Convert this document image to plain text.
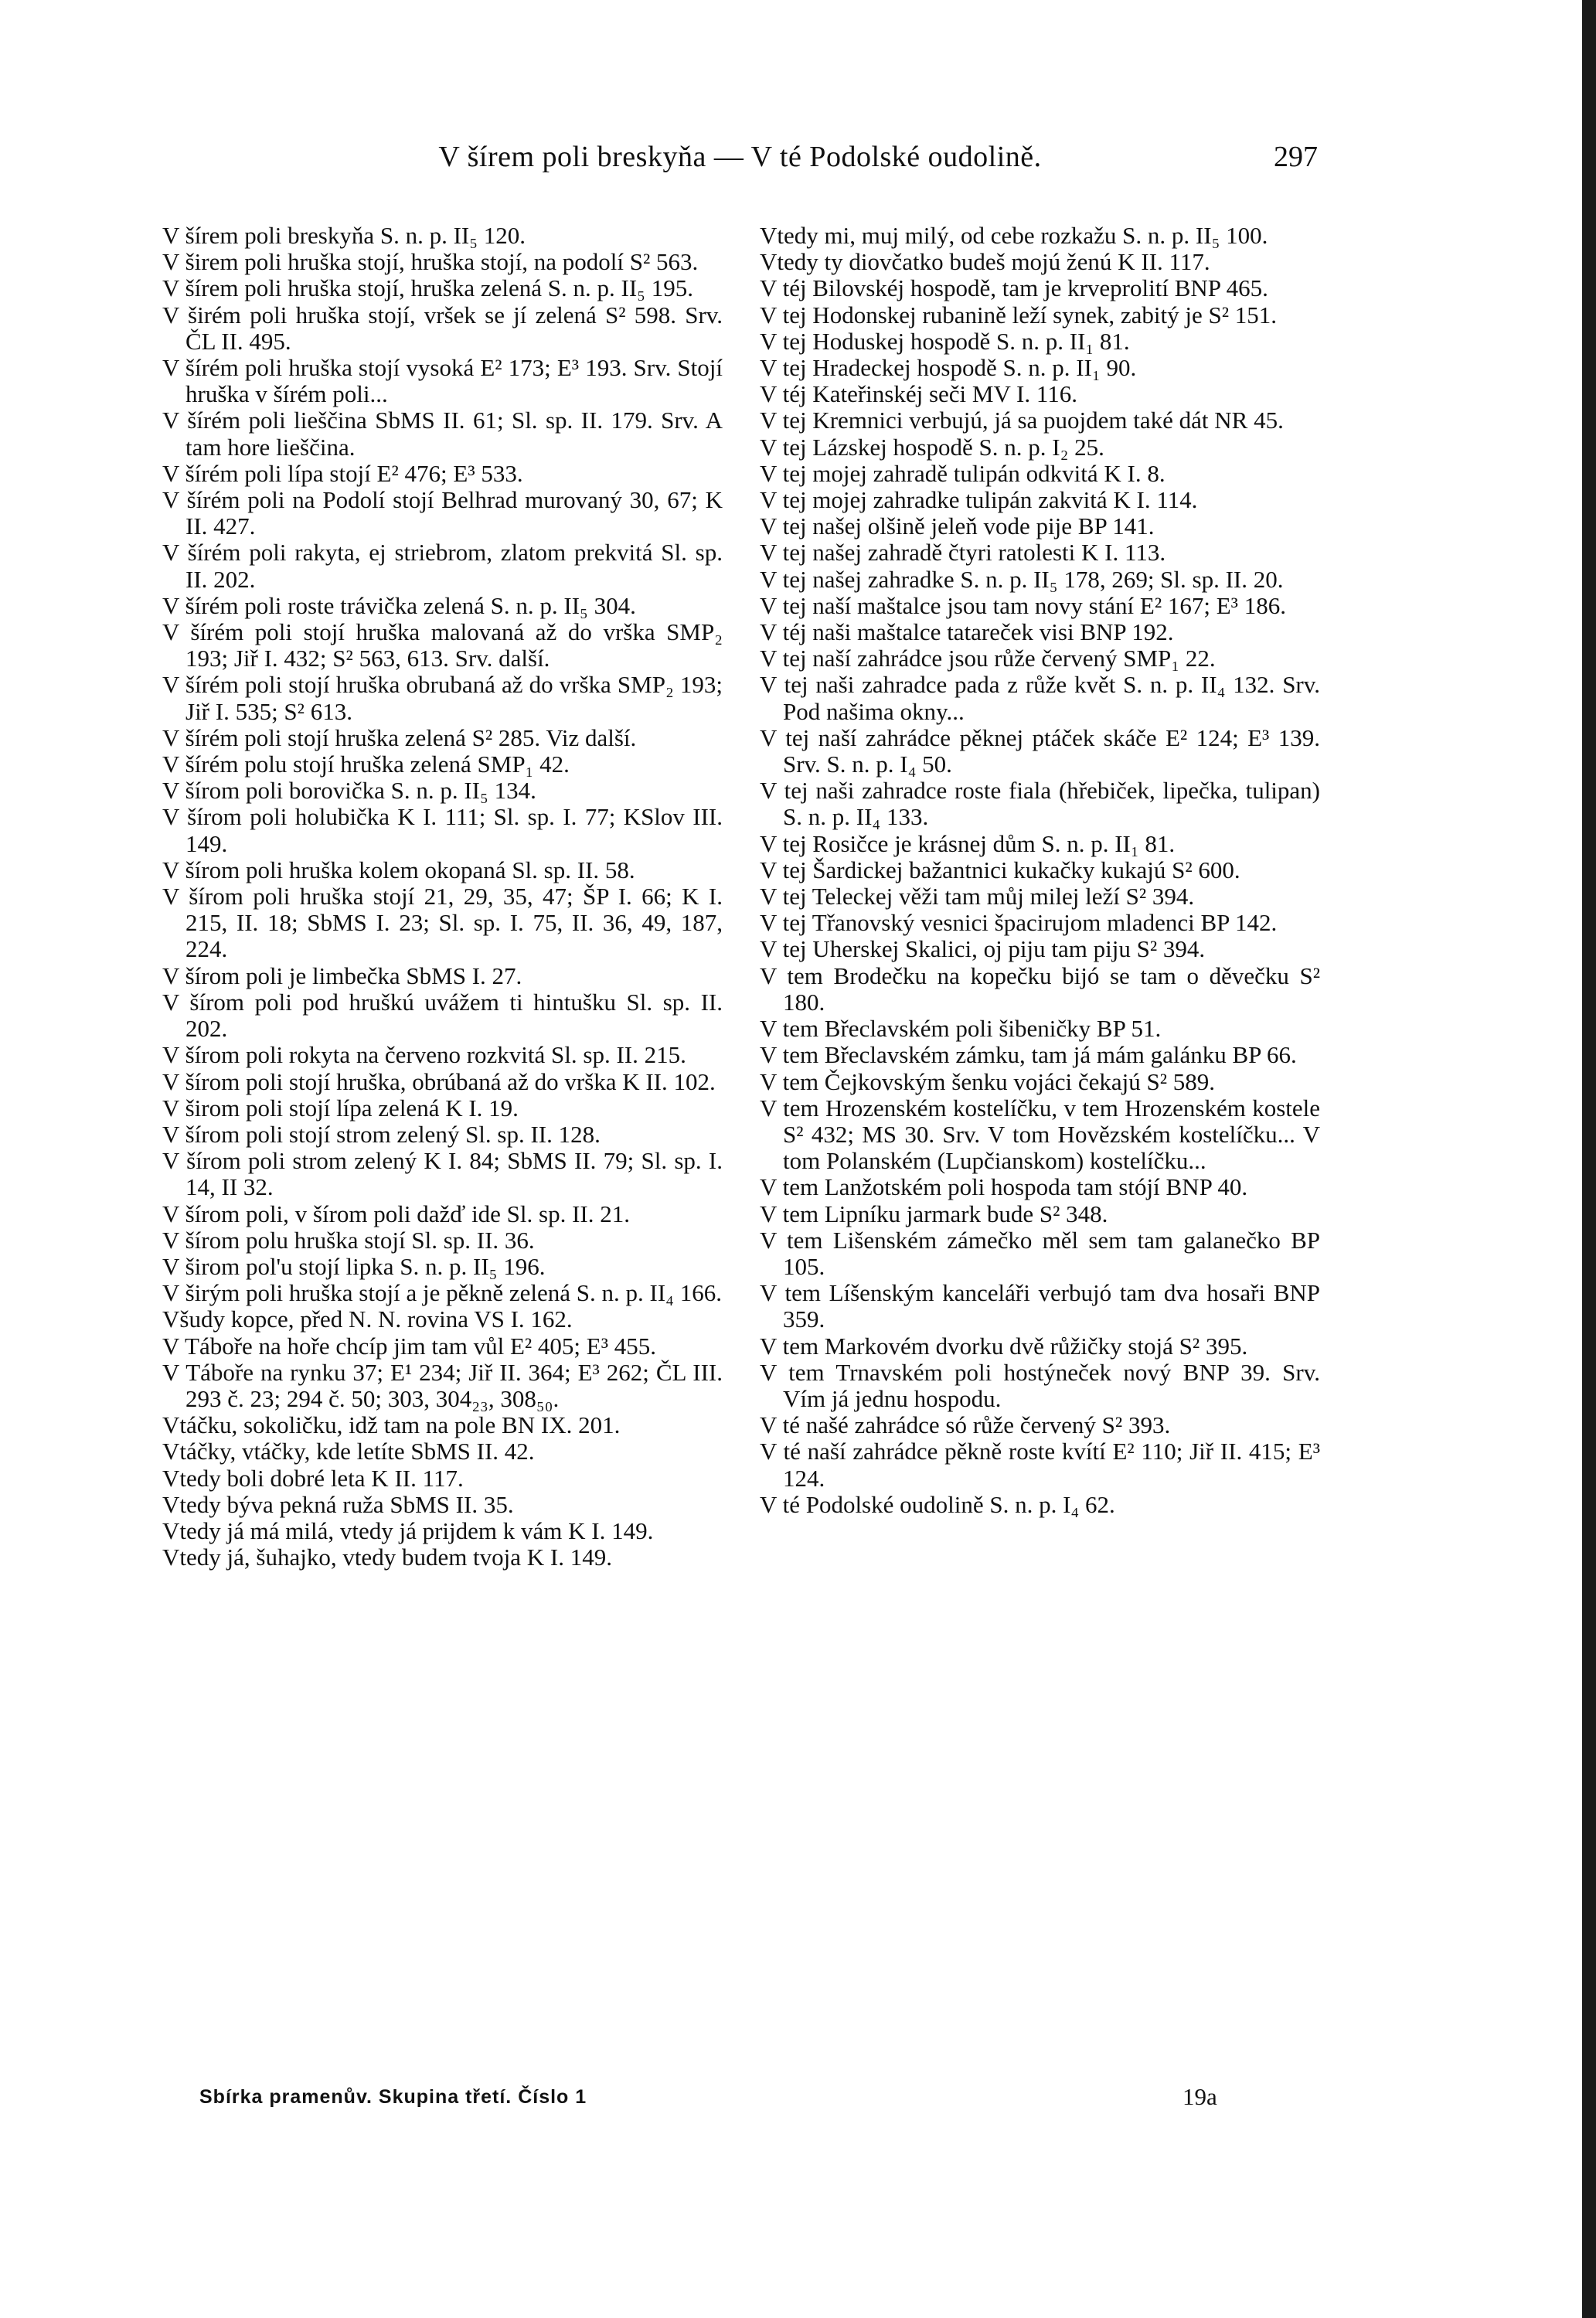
V šírem poli breskyňa — V té Podolské oudolině.	297
V šírem poli breskyňa S. n. p. II₅ 120.
V širem poli hruška stojí, hruška stojí, na podolí S² 563.
V šírem poli hruška stojí, hruška zelená S. n. p. II₅ 195.
V širém poli hruška stojí, vršek se jí zelená S² 598. Srv. ČL II. 495.
V šírém poli hruška stojí vysoká E² 173; E³ 193. Srv. Stojí hruška v šírém poli...
V šírém poli lieščina SbMS II. 61; Sl. sp. II. 179. Srv. A tam hore lieščina.
V šírém poli lípa stojí E² 476; E³ 533.
V šírém poli na Podolí stojí Belhrad murovaný 30, 67; K II. 427.
V šírém poli rakyta, ej striebrom, zlatom prekvitá Sl. sp. II. 202.
V šírém poli roste trávička zelená S. n. p. II₅ 304.
V šírém poli stojí hruška malovaná až do vrška SMP₂ 193; Jiř I. 432; S² 563, 613. Srv. další.
V šírém poli stojí hruška obrubaná až do vrška SMP₂ 193; Jiř I. 535; S² 613.
V šírém poli stojí hruška zelená S² 285. Viz další.
V šírém polu stojí hruška zelená SMP₁ 42.
V šírom poli borovička S. n. p. II₅ 134.
V šírom poli holubička K I. 111; Sl. sp. I. 77; KSlov III. 149.
V šírom poli hruška kolem okopaná Sl. sp. II. 58.
V šírom poli hruška stojí 21, 29, 35, 47; ŠP I. 66; K I. 215, II. 18; SbMS I. 23; Sl. sp. I. 75, II. 36, 49, 187, 224.
V šírom poli je limbečka SbMS I. 27.
V šírom poli pod hruškú uvážem ti hintušku Sl. sp. II. 202.
V šírom poli rokyta na červeno rozkvitá Sl. sp. II. 215.
V šírom poli stojí hruška, obrúbaná až do vrška K II. 102.
V širom poli stojí lípa zelená K I. 19.
V šírom poli stojí strom zelený Sl. sp. II. 128.
V šírom poli strom zelený K I. 84; SbMS II. 79; Sl. sp. I. 14, II 32.
V šírom poli, v šírom poli dažď ide Sl. sp. II. 21.
V šírom polu hruška stojí Sl. sp. II. 36.
V širom pol'u stojí lipka S. n. p. II₅ 196.
V širým poli hruška stojí a je pěkně zelená S. n. p. II₄ 166.
Všudy kopce, před N. N. rovina VS I. 162.
V Táboře na hoře chcíp jim tam vůl E² 405; E³ 455.
V Táboře na rynku 37; E¹ 234; Jiř II. 364; E³ 262; ČL III. 293 č. 23; 294 č. 50; 303, 304₂₃, 308₅₀.
Vtáčku, sokoličku, idž tam na pole BN IX. 201.
Vtáčky, vtáčky, kde letíte SbMS II. 42.
Vtedy boli dobré leta K II. 117.
Vtedy býva pekná ruža SbMS II. 35.
Vtedy já má milá, vtedy já prijdem k vám K I. 149.
Vtedy já, šuhajko, vtedy budem tvoja K I. 149.
Vtedy mi, muj milý, od cebe rozkažu S. n. p. II₅ 100.
Vtedy ty diovčatko budeš mojú ženú K II. 117.
V téj Bilovskéj hospodě, tam je krveprolití BNP 465.
V tej Hodonskej rubanině leží synek, zabitý je S² 151.
V tej Hoduskej hospodě S. n. p. II₁ 81.
V tej Hradeckej hospodě S. n. p. II₁ 90.
V téj Kateřinskéj seči MV I. 116.
V tej Kremnici verbujú, já sa puojdem také dát NR 45.
V tej Lázskej hospodě S. n. p. I₂ 25.
V tej mojej zahradě tulipán odkvitá K I. 8.
V tej mojej zahradke tulipán zakvitá K I. 114.
V tej našej olšině jeleň vode pije BP 141.
V tej našej zahradě čtyri ratolesti K I. 113.
V tej našej zahradke S. n. p. II₅ 178, 269; Sl. sp. II. 20.
V tej naší maštalce jsou tam novy stání E² 167; E³ 186.
V téj naši maštalce tatareček visi BNP 192.
V tej naší zahrádce jsou růže červený SMP₁ 22.
V tej naši zahradce pada z růže květ S. n. p. II₄ 132. Srv. Pod našima okny...
V tej naší zahrádce pěknej ptáček skáče E² 124; E³ 139. Srv. S. n. p. I₄ 50.
V tej naši zahradce roste fiala (hřebiček, lipečka, tulipan) S. n. p. II₄ 133.
V tej Rosičce je krásnej dům S. n. p. II₁ 81.
V tej Šardickej bažantnici kukačky kukajú S² 600.
V tej Teleckej věži tam můj milej leží S² 394.
V tej Třanovský vesnici špacirujom mladenci BP 142.
V tej Uherskej Skalici, oj piju tam piju S² 394.
V tem Brodečku na kopečku bijó se tam o děvečku S² 180.
V tem Břeclavském poli šibeničky BP 51.
V tem Břeclavském zámku, tam já mám galánku BP 66.
V tem Čejkovským šenku vojáci čekajú S² 589.
V tem Hrozenském kostelíčku, v tem Hrozenském kostele S² 432; MS 30. Srv. V tom Hovězském kostelíčku... V tom Polanském (Lupčianskom) kostelíčku...
V tem Lanžotském poli hospoda tam stójí BNP 40.
V tem Lipníku jarmark bude S² 348.
V tem Lišenském zámečko měl sem tam galanečko BP 105.
V tem Líšenským kanceláři verbujó tam dva hosaři BNP 359.
V tem Markovém dvorku dvě růžičky stojá S² 395.
V tem Trnavském poli hostýneček nový BNP 39. Srv. Vím já jednu hospodu.
V té našé zahrádce só růže červený S² 393.
V té naší zahrádce pěkně roste kvítí E² 110; Jiř II. 415; E³ 124.
V té Podolské oudolině S. n. p. I₄ 62.
Sbírka pramenův. Skupina třetí. Číslo 1	19a
